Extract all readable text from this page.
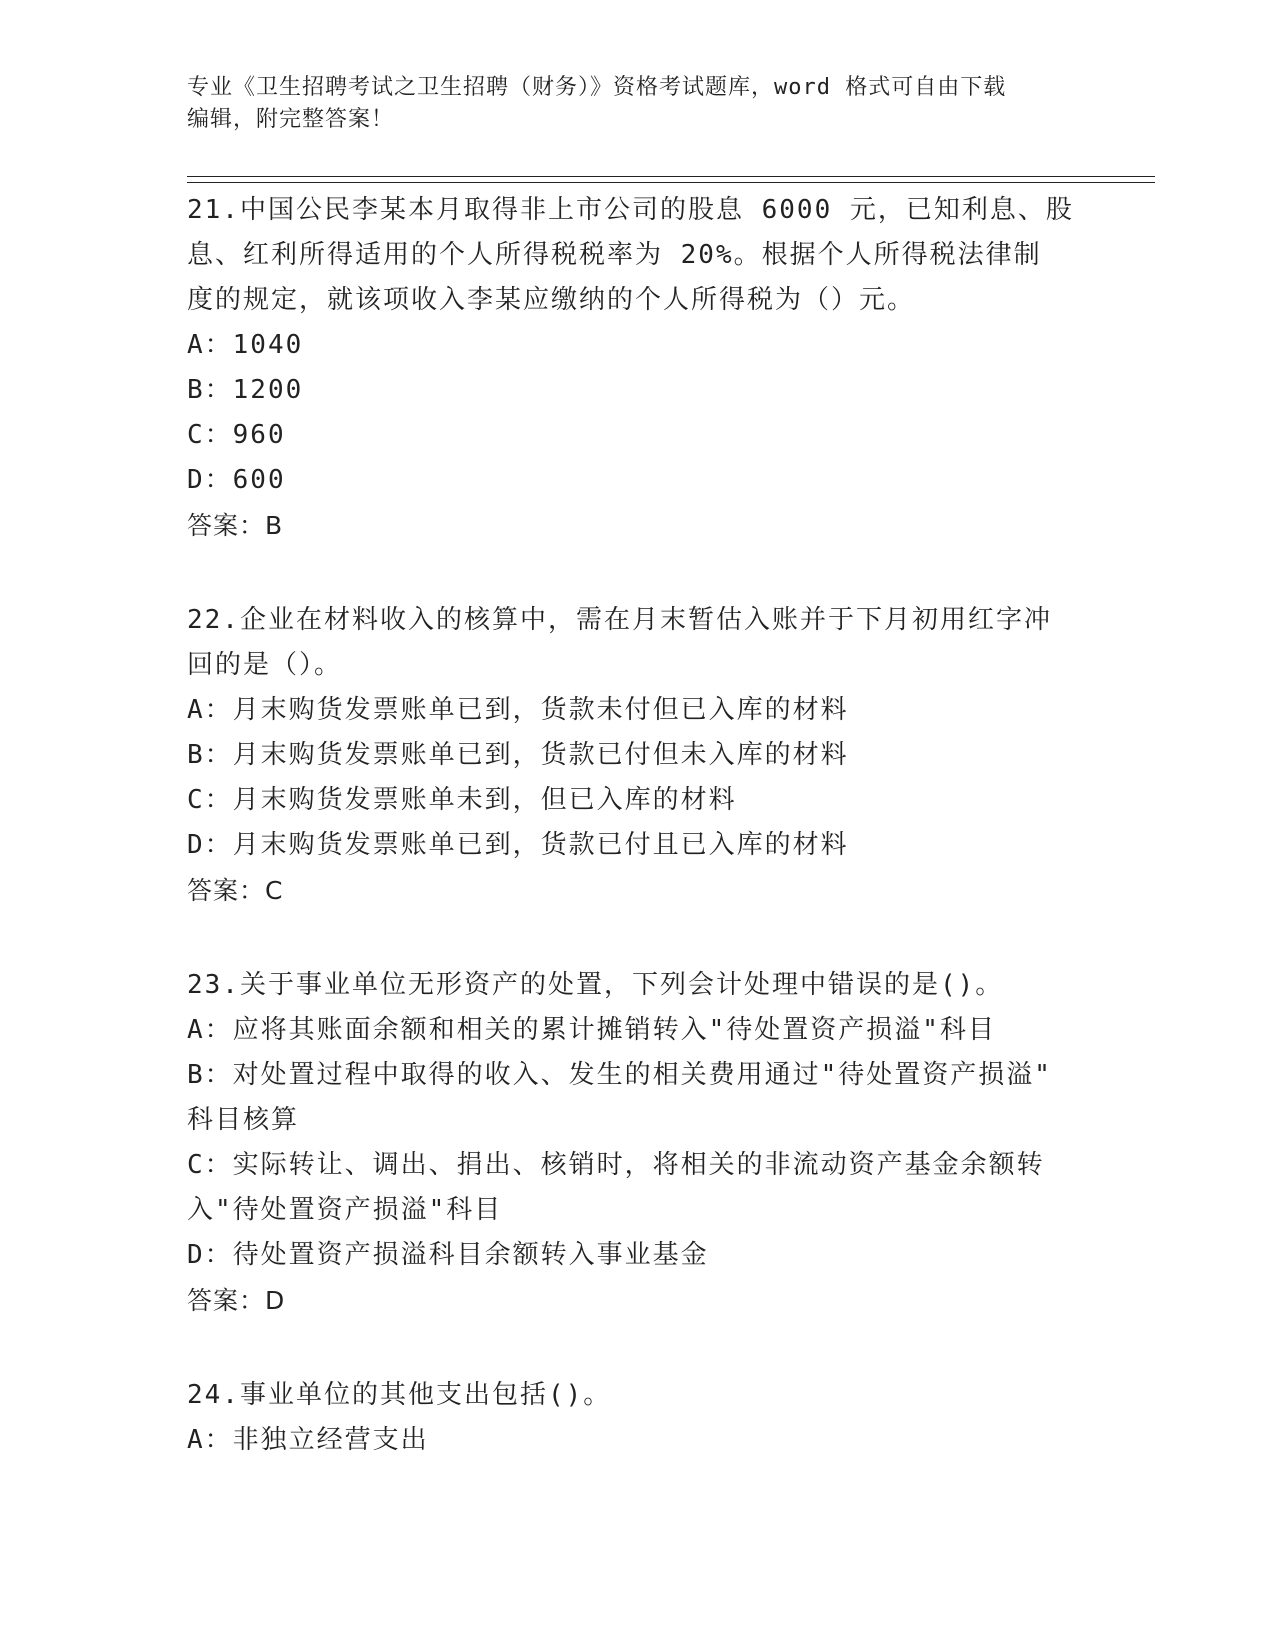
专业《卫生招聘考试之卫生招聘（财务）》资格考试题库，word 格式可自由下载
编辑，附完整答案！

21.中国公民李某本月取得非上市公司的股息 6000 元，已知利息、股

息、红利所得适用的个人所得税税率为 20%。根据个人所得税法律制

度的规定，就该项收入李某应缴纳的个人所得税为（）元。

A：1040

B：1200

C：960

D：600

答案：B

22.企业在材料收入的核算中，需在月末暂估入账并于下月初用红字冲

回的是（）。

A：月末购货发票账单已到，货款未付但已入库的材料

B：月末购货发票账单已到，货款已付但未入库的材料

C：月末购货发票账单未到，但已入库的材料

D：月末购货发票账单已到，货款已付且已入库的材料

答案：C

23.关于事业单位无形资产的处置，下列会计处理中错误的是()。

A：应将其账面余额和相关的累计摊销转入"待处置资产损溢"科目

B：对处置过程中取得的收入、发生的相关费用通过"待处置资产损溢"

科目核算

C：实际转让、调出、捐出、核销时，将相关的非流动资产基金余额转

入"待处置资产损溢"科目

D：待处置资产损溢科目余额转入事业基金

答案：D

24.事业单位的其他支出包括()。

A：非独立经营支出
